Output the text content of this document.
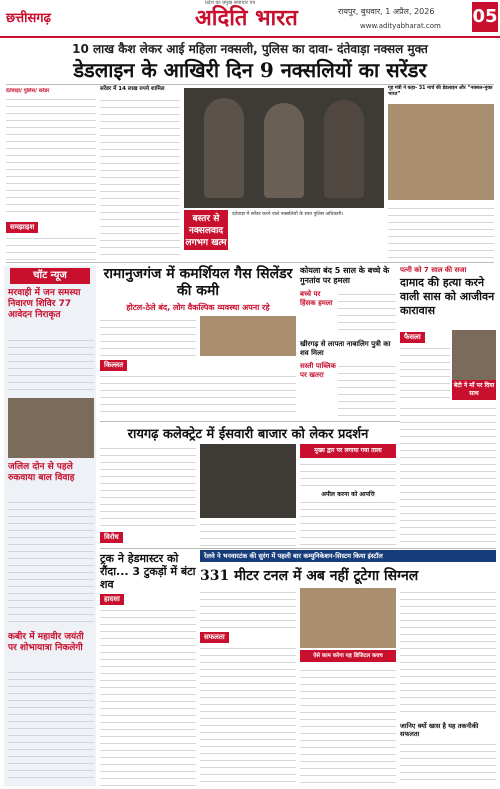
छत्तीसगढ़
प्रदेश का प्रमुख समाचार पत्र
अदिति भारत	रायपुर, बुधवार, 1 अप्रैल, 2026
www.adityabharat.com 05
10 लाख कैश लेकर आई महिला नक्सली, पुलिस का दावा- दंतेवाड़ा नक्सल मुक्त
डेडलाइन के आखिरी दिन 9 नक्सलियों का सरेंडर
दंतेवाड़ा/ पुलिस/ सरेंडर
समझाइश
सरेंडर में 14 लाख रुपये शामिल
बस्तर से नक्सलवाद लगभग खत्म
दंतेवाड़ा में सरेंडर करने वाले नक्सलियों के साथ पुलिस अधिकारी।
गृह मंत्री ने कहा- 31 मार्च की डेडलाइन और “नक्सल-मुक्त भारत”
चॉट न्यूज
मरवाही में जन समस्या निवारण शिविर 77 आवेदन निराकृत
जलिल दोन से पहले रुकवाया बाल विवाह
कबीर में महावीर जयंती पर शोभायात्रा निकलेगी
रामानुजगंज में कमर्शियल गैस सिलेंडर की कमी
होटल-ठेले बंद, लोग वैकल्पिक व्यवस्था अपना रहे
किल्लत
कोयला बंद 5 साल के बच्चे के गुनतांव पर हमला
बच्चे पर हिंसक हमला
खीरगढ़ से लापता नाबालिग पुत्री का शव मिला
सस्ती पाब्लिक पर खतरा
पत्नी को 7 साल की सजा
दामाद की हत्या करने वाली सास को आजीवन कारावास
फैसला
बेटी ने माँ पर दिया साथ
रायगढ़ कलेक्ट्रेट में ईसवारी बाजार को लेकर प्रदर्शन
विरोध
मुख्य द्वार पर लगाया गया ताला
अपील करना को आपत्ति
ट्रक ने हेडमास्टर को रौंदा... 3 टुकड़ों में बंटा शव
हादसा
रेलवे ने भनवारटंक की सुरंग में पहली बार कम्युनिकेशन-सिस्टम किया इंस्टॉल
331 मीटर टनल में अब नहीं टूटेगा सिग्नल
सफलता
ऐसे काम करेगा यह डिजिटल कवच
जानिए क्यों खास है यह तकनीकी सफलता
